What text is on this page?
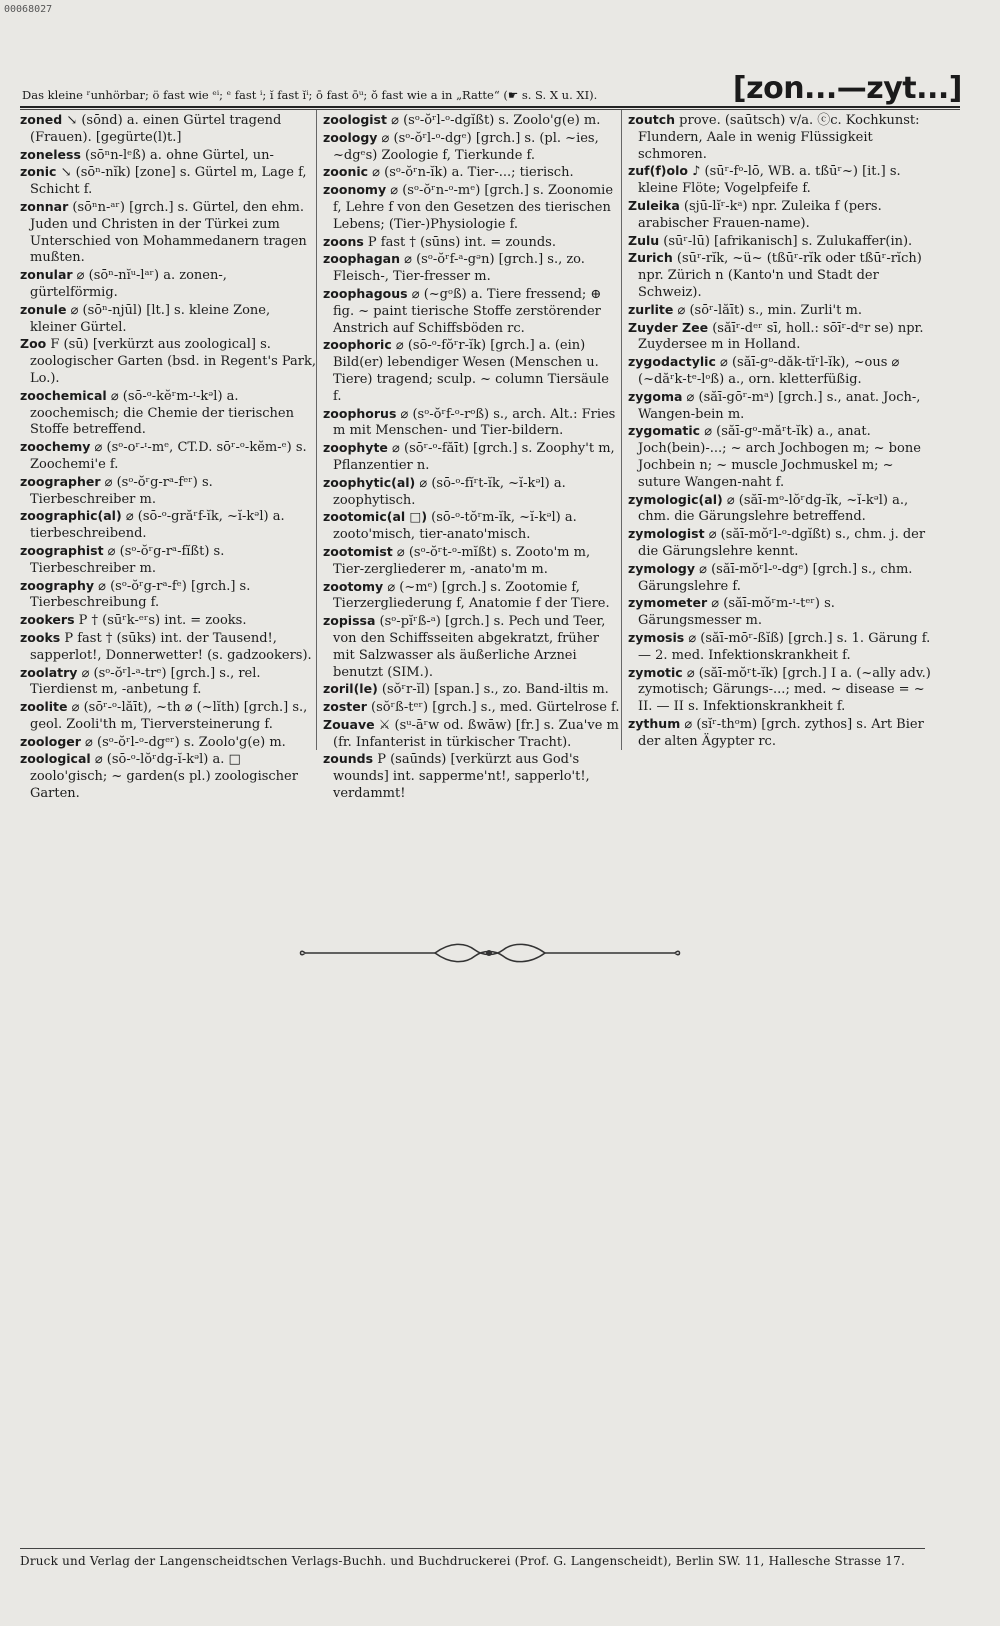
00068027
Das kleine ʳunhörbar; ö fast wie ᵉⁱ; ᵉ fast ⁱ; ĭ fast ĭⁱ; ō fast ōᵘ; ŏ fast wie a in „Ratte“ (☛ s. S. X u. XI).	[zon...—zyt...]
zoned ↘ (sōnd) a. einen Gürtel tragend (Frauen). [gegürte(l)t.]
zoneless (sōⁿn-lᵉß) a. ohne Gürtel, un-
zonic ↘ (sōⁿ-nĭk) [zone] s. Gürtel m, Lage f, Schicht f.
zonnar (sōⁿn-ᵃʳ) [grch.] s. Gürtel, den ehm. Juden und Christen in der Türkei zum Unterschied von Mohammedanern tragen mußten.
zonular ⌀ (sōⁿ-nĭᵘ-lᵃʳ) a. zonen-, gürtelförmig.
zonule ⌀ (sōⁿ-njūl) [lt.] s. kleine Zone, kleiner Gürtel.
Zoo F (sū) [verkürzt aus zoological] s. zoologischer Garten (bsd. in Regent's Park, Lo.).
zoochemical ⌀ (sō-ᵒ-kĕʳm-ᶦ-kᵊl) a. zoochemisch; die Chemie der tierischen Stoffe betreffend.
zoochemy ⌀ (sᵒ-oʳ-ᶦ-mᵉ, CT.D. sōʳ-ᵒ-kĕm-ᵉ) s. Zoochemi'e f.
zoographer ⌀ (sᵒ-ŏʳg-rᵃ-fᵉʳ) s. Tierbeschreiber m.
zoographic(al) ⌀ (sō-ᵒ-grăʳf-ĭk, ~ĭ-kᵊl) a. tierbeschreibend.
zoographist ⌀ (sᵒ-ŏʳg-rᵃ-fĭßt) s. Tierbeschreiber m.
zoography ⌀ (sᵒ-ŏʳg-rᵃ-fᵉ) [grch.] s. Tierbeschreibung f.
zookers P † (sūʳk-ᵉʳs) int. = zooks.
zooks P fast † (sūks) int. der Tausend!, sapperlot!, Donnerwetter! (s. gadzookers).
zoolatry ⌀ (sᵒ-ŏʳl-ᵃ-trᵉ) [grch.] s., rel. Tierdienst m, -anbetung f.
zoolite ⌀ (sōʳ-ᵒ-lăīt), ~th ⌀ (~lĭth) [grch.] s., geol. Zooli'th m, Tierversteinerung f.
zoologer ⌀ (sᵒ-ŏʳl-ᵒ-dgᵉʳ) s. Zoolo'g(e) m.
zoological ⌀ (sō-ᵒ-lŏʳdg-ĭ-kᵊl) a. □ zoolo'gisch; ~ garden(s pl.) zoologischer Garten.
zoologist ⌀ (sᵒ-ŏʳl-ᵒ-dgĭßt) s. Zoolo'g(e) m.
zoology ⌀ (sᵒ-ŏʳl-ᵒ-dgᵉ) [grch.] s. (pl. ~ies, ~dgᵉs) Zoologie f, Tierkunde f.
zoonic ⌀ (sᵒ-ŏʳn-ĭk) a. Tier-...; tierisch.
zoonomy ⌀ (sᵒ-ŏʳn-ᵒ-mᵉ) [grch.] s. Zoonomie f, Lehre f von den Gesetzen des tierischen Lebens; (Tier-)Physiologie f.
zoons P fast † (sūns) int. = zounds.
zoophagan ⌀ (sᵒ-ŏʳf-ᵃ-gᵊn) [grch.] s., zo. Fleisch-, Tier-fresser m.
zoophagous ⌀ (~gᵒß) a. Tiere fressend; ⊕ fig. ~ paint tierische Stoffe zerstörender Anstrich auf Schiffsböden rc.
zoophoric ⌀ (sō-ᵒ-fŏʳr-ĭk) [grch.] a. (ein) Bild(er) lebendiger Wesen (Menschen u. Tiere) tragend; sculp. ~ column Tiersäule f.
zoophorus ⌀ (sᵒ-ŏʳf-ᵒ-rᵒß) s., arch. Alt.: Fries m mit Menschen- und Tier-bildern.
zoophyte ⌀ (sōʳ-ᵒ-făīt) [grch.] s. Zoophy't m, Pflanzentier n.
zoophytic(al) ⌀ (sō-ᵒ-fĭʳt-ĭk, ~ĭ-kᵊl) a. zoophytisch.
zootomic(al □) (sō-ᵒ-tŏʳm-ĭk, ~ĭ-kᵊl) a. zooto'misch, tier-anato'misch.
zootomist ⌀ (sᵒ-ŏʳt-ᵒ-mĭßt) s. Zooto'm m, Tier-zergliederer m, -anato'm m.
zootomy ⌀ (~mᵉ) [grch.] s. Zootomie f, Tierzergliederung f, Anatomie f der Tiere.
zopissa (sᵒ-pĭʳß-ᵃ) [grch.] s. Pech und Teer, von den Schiffsseiten abgekratzt, früher mit Salzwasser als äußerliche Arznei benutzt (SIM.).
zoril(le) (sŏʳr-ĭl) [span.] s., zo. Band-iltis m.
zoster (sŏʳß-tᵉʳ) [grch.] s., med. Gürtelrose f.
Zouave ⚔ (sᵘ-āʳw od. ßwāw) [fr.] s. Zua've m (fr. Infanterist in türkischer Tracht).
zounds P (saūnds) [verkürzt aus God's wounds] int. sapperme'nt!, sapperlo't!, verdammt!
zoutch prove. (saūtsch) v/a. ⓒc. Kochkunst: Flundern, Aale in wenig Flüssigkeit schmoren.
zuf(f)olo ♪ (sūʳ-fᵒ-lō, WB. a. tßūʳ~) [it.] s. kleine Flöte; Vogelpfeife f.
Zuleika (sjū-lĭʳ-kᵃ) npr. Zuleika f (pers. arabischer Frauen-name).
Zulu (sūʳ-lū) [afrikanisch] s. Zulukaffer(in).
Zurich (sūʳ-rĭk, ~ü~ (tßūʳ-rĭk oder tßūʳ-rĭch) npr. Zürich n (Kanto'n und Stadt der Schweiz).
zurlite ⌀ (sōʳ-lăīt) s., min. Zurli't m.
Zuyder Zee (săīʳ-dᵉʳ sī, holl.: sōīʳ-dᵉr se) npr. Zuydersee m in Holland.
zygodactylic ⌀ (săī-gᵒ-dăk-tĭʳl-ĭk), ~ous ⌀ (~dăʳk-tᵉ-lᵒß) a., orn. kletterfüßig.
zygoma ⌀ (săī-gōʳ-mᵃ) [grch.] s., anat. Joch-, Wangen-bein m.
zygomatic ⌀ (săī-gᵒ-măʳt-ĭk) a., anat. Joch(bein)-...; ~ arch Jochbogen m; ~ bone Jochbein n; ~ muscle Jochmuskel m; ~ suture Wangen-naht f.
zymologic(al) ⌀ (săī-mᵒ-lŏʳdg-ĭk, ~ĭ-kᵊl) a., chm. die Gärungslehre betreffend.
zymologist ⌀ (săī-mŏʳl-ᵒ-dgĭßt) s., chm. j. der die Gärungslehre kennt.
zymology ⌀ (săī-mŏʳl-ᵒ-dgᵉ) [grch.] s., chm. Gärungslehre f.
zymometer ⌀ (săī-mŏʳm-ᶦ-tᵉʳ) s. Gärungsmesser m.
zymosis ⌀ (săī-mōʳ-ßĭß) [grch.] s. 1. Gärung f. — 2. med. Infektionskrankheit f.
zymotic ⌀ (săī-mŏʳt-ĭk) [grch.] I a. (~ally adv.) zymotisch; Gärungs-...; med. ~ disease = ~ II. — II s. Infektionskrankheit f.
zythum ⌀ (sĭʳ-thᵒm) [grch. zythos] s. Art Bier der alten Ägypter rc.
Druck und Verlag der Langenscheidtschen Verlags-Buchh. und Buchdruckerei (Prof. G. Langenscheidt), Berlin SW. 11, Hallesche Strasse 17.
